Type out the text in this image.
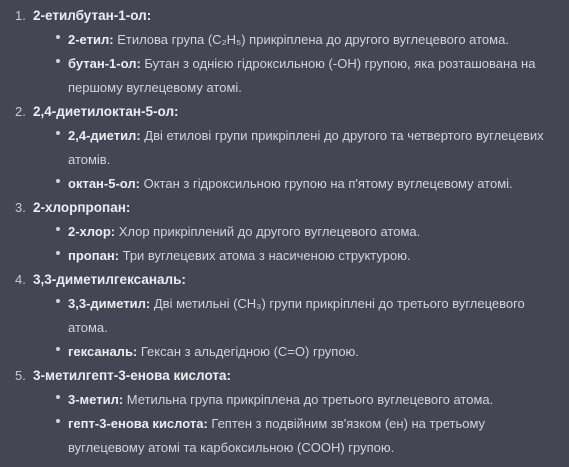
1. 2-етилбутан-1-ол:
2-етил: Етилова група (C₂H₅) прикріплена до другого вуглецевого атома.
бутан-1-ол: Бутан з однією гідроксильною (-OH) групою, яка розташована на першому вуглецевому атомі.
2. 2,4-диетилоктан-5-ол:
2,4-диетил: Дві етилові групи прикріплені до другого та четвертого вуглецевих атомів.
октан-5-ол: Октан з гідроксильною групою на п'ятому вуглецевому атомі.
3. 2-хлорпропан:
2-хлор: Хлор прикріплений до другого вуглецевого атома.
пропан: Три вуглецевих атома з насиченою структурою.
4. 3,3-диметилгексаналь:
3,3-диметил: Дві метильні (CH₃) групи прикріплені до третього вуглецевого атома.
гексаналь: Гексан з альдегідною (C=O) групою.
5. 3-метилгепт-3-енова кислота:
3-метил: Метильна група прикріплена до третього вуглецевого атома.
гепт-3-енова кислота: Гептен з подвійним зв'язком (ен) на третьому вуглецевому атомі та карбоксильною (COOH) групою.
